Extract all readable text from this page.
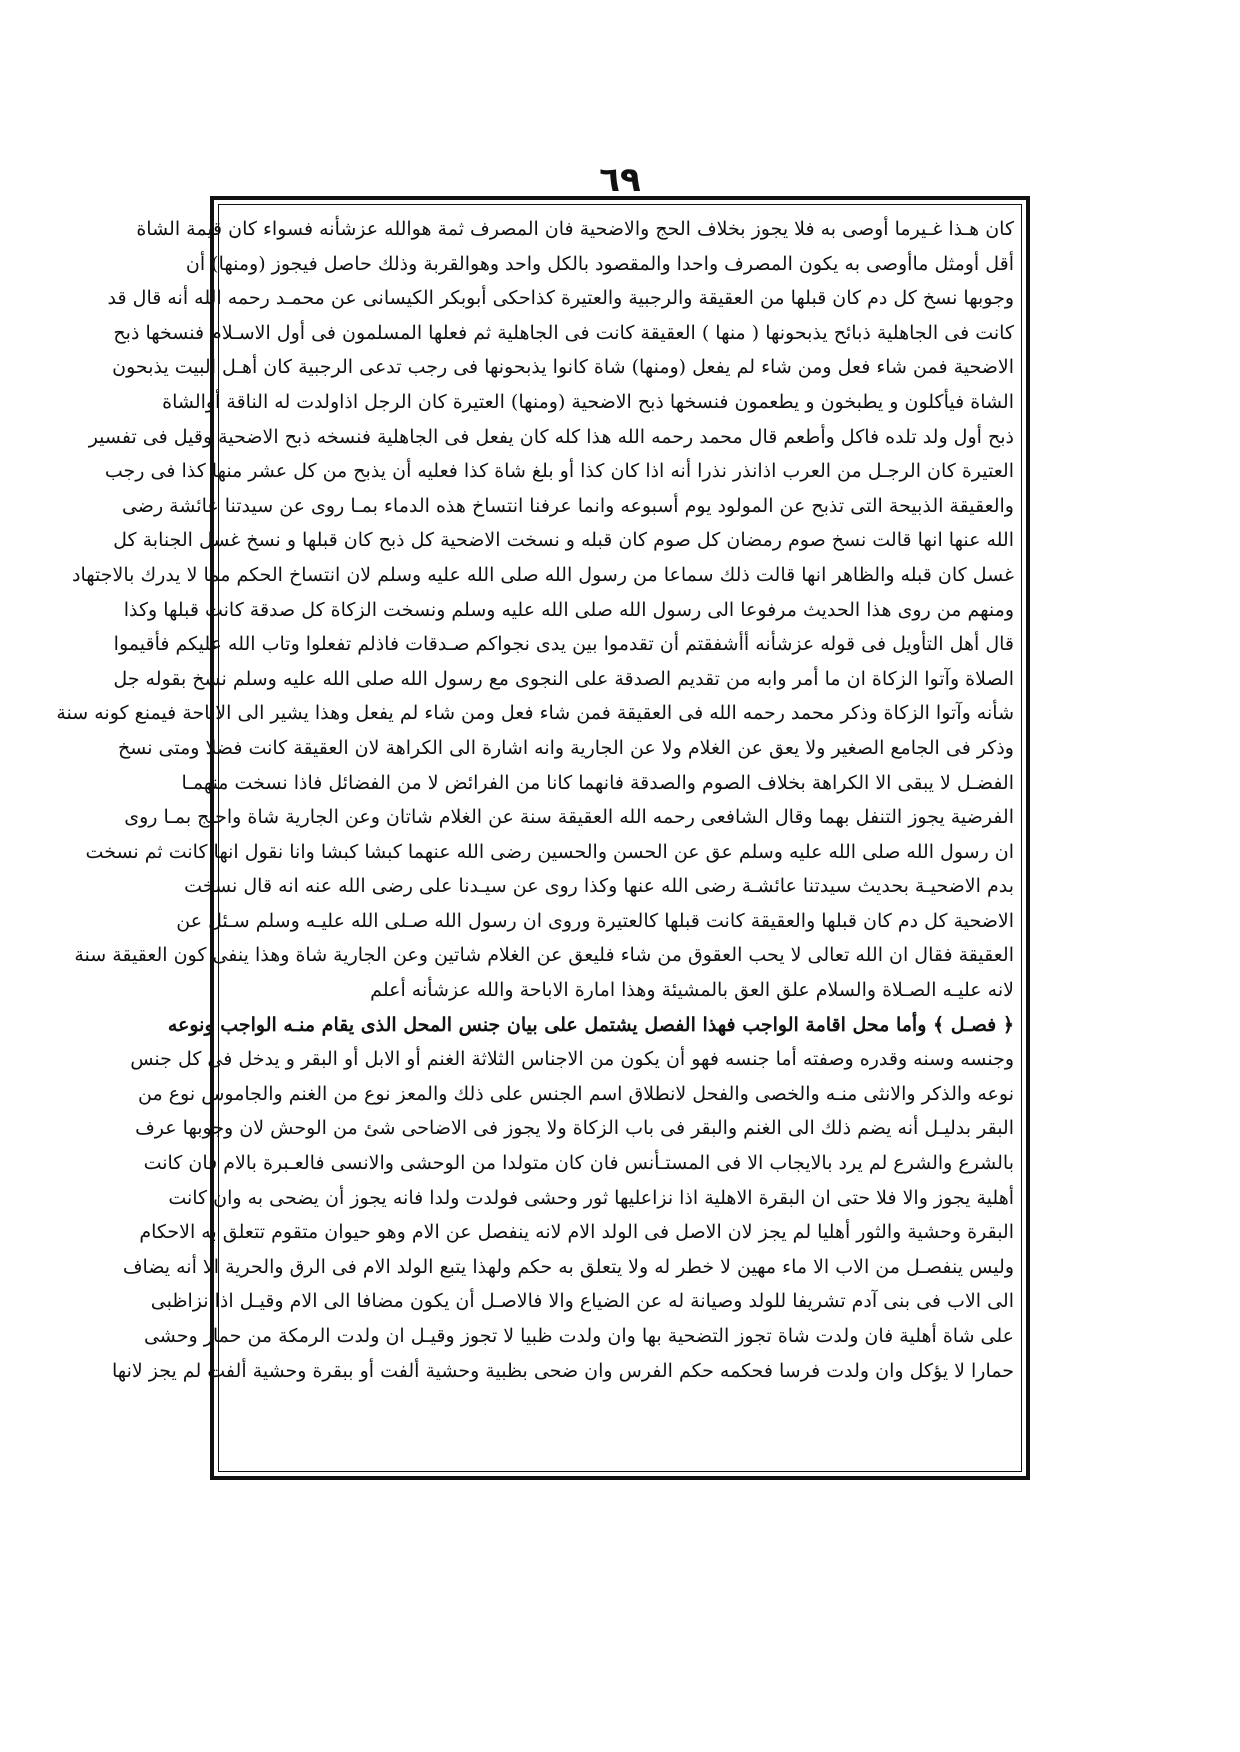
٦٩
كان هـذا غـيرما أوصى به فلا يجوز بخلاف الحج والاضحية فان المصرف ثمة هوالله عزشأنه فسواء كان قيمة الشاة
أقل أومثل ماأوصى به يكون المصرف واحدا والمقصود بالكل واحد وهوالقربة وذلك حاصل فيجوز (ومنها) أن
وجوبها نسخ كل دم كان قبلها من العقيقة والرجبية والعتيرة كذاحكى أبوبكر الكيسانى عن محمـد رحمه الله أنه قال قد
كانت فى الجاهلية ذبائح يذبحونها ( منها ) العقيقة كانت فى الجاهلية ثم فعلها المسلمون فى أول الاسـلام فنسخها ذبح
الاضحية فمن شاء فعل ومن شاء لم يفعل (ومنها) شاة كانوا يذبحونها فى رجب تدعى الرجبية كان أهـل البيت يذبحون
الشاة فيأكلون و يطبخون و يطعمون فنسخها ذبح الاضحية (ومنها) العتيرة كان الرجل اذاولدت له الناقة أوالشاة
ذبح أول ولد تلده فاكل وأطعم قال محمد رحمه الله هذا كله كان يفعل فى الجاهلية فنسخه ذبح الاضحية وقيل فى تفسير
العتيرة كان الرجـل من العرب اذانذر نذرا أنه اذا كان كذا أو بلغ شاة كذا فعليه أن يذبح من كل عشر منها كذا فى رجب
والعقيقة الذبيحة التى تذبح عن المولود يوم أسبوعه وانما عرفنا انتساخ هذه الدماء بمـا روى عن سيدتنا عائشة رضى
الله عنها انها قالت نسخ صوم رمضان كل صوم كان قبله و نسخت الاضحية كل ذبح كان قبلها و نسخ غسل الجنابة كل
غسل كان قبله والظاهر انها قالت ذلك سماعا من رسول الله صلى الله عليه وسلم لان انتساخ الحكم مما لا يدرك بالاجتهاد
ومنهم من روى هذا الحديث مرفوعا الى رسول الله صلى الله عليه وسلم ونسخت الزكاة كل صدقة كانت قبلها وكذا
قال أهل التأويل فى قوله عزشأنه أأشفقتم أن تقدموا بين يدى نجواكم صـدقات فاذلم تفعلوا وتاب الله عليكم فأقيموا
الصلاة وآتوا الزكاة ان ما أمر وابه من تقديم الصدقة على النجوى مع رسول الله صلى الله عليه وسلم نسخ بقوله جل
شأنه وآتوا الزكاة وذكر محمد رحمه الله فى العقيقة فمن شاء فعل ومن شاء لم يفعل وهذا يشير الى الاباحة فيمنع كونه سنة
وذكر فى الجامع الصغير ولا يعق عن الغلام ولا عن الجارية وانه اشارة الى الكراهة لان العقيقة كانت فضلا ومتى نسخ
الفضـل لا يبقى الا الكراهة بخلاف الصوم والصدقة فانهما كانا من الفرائض لا من الفضائل فاذا نسخت منهمـا
الفرضية يجوز التنفل بهما وقال الشافعى رحمه الله العقيقة سنة عن الغلام شاتان وعن الجارية شاة واحتج بمـا روى
ان رسول الله صلى الله عليه وسلم عق عن الحسن والحسين رضى الله عنهما كبشا كبشا وانا نقول انها كانت ثم نسخت
بدم الاضحيـة بحديث سيدتنا عائشـة رضى الله عنها وكذا روى عن سيـدنا على رضى الله عنه انه قال نسخت
الاضحية كل دم كان قبلها والعقيقة كانت قبلها كالعتيرة وروى ان رسول الله صـلى الله عليـه وسلم سـئل عن
العقيقة فقال ان الله تعالى لا يحب العقوق من شاء فليعق عن الغلام شاتين وعن الجارية شاة وهذا ينفى كون العقيقة سنة
لانه عليـه الصـلاة والسلام علق العق بالمشيئة وهذا امارة الاباحة والله عزشأنه أعلم
﴿ فصـل ﴾ وأما محل اقامة الواجب فهذا الفصل يشتمل على بيان جنس المحل الذى يقام منـه الواجب ونوعه
وجنسه وسنه وقدره وصفته أما جنسه فهو أن يكون من الاجناس الثلاثة الغنم أو الابل أو البقر و يدخل فى كل جنس
نوعه والذكر والانثى منـه والخصى والفحل لانطلاق اسم الجنس على ذلك والمعز نوع من الغنم والجاموس نوع من
البقر بدليـل أنه يضم ذلك الى الغنم والبقر فى باب الزكاة ولا يجوز فى الاضاحى شئ من الوحش لان وجوبها عرف
بالشرع والشرع لم يرد بالايجاب الا فى المستـأنس فان كان متولدا من الوحشى والانسى فالعـبرة بالام فان كانت
أهلية يجوز والا فلا حتى ان البقرة الاهلية اذا نزاعليها ثور وحشى فولدت ولدا فانه يجوز أن يضحى به وان كانت
البقرة وحشية والثور أهليا لم يجز لان الاصل فى الولد الام لانه ينفصل عن الام وهو حيوان متقوم تتعلق به الاحكام
وليس ينفصـل من الاب الا ماء مهين لا خطر له ولا يتعلق به حكم ولهذا يتبع الولد الام فى الرق والحرية الا أنه يضاف
الى الاب فى بنى آدم تشريفا للولد وصيانة له عن الضياع والا فالاصـل أن يكون مضافا الى الام وقيـل اذا نزاظبى
على شاة أهلية فان ولدت شاة تجوز التضحية بها وان ولدت ظبيا لا تجوز وقيـل ان ولدت الرمكة من حمار وحشى
حمارا لا يؤكل وان ولدت فرسا فحكمه حكم الفرس وان ضحى بظبية وحشية ألفت أو ببقرة وحشية ألفت لم يجز لانها
